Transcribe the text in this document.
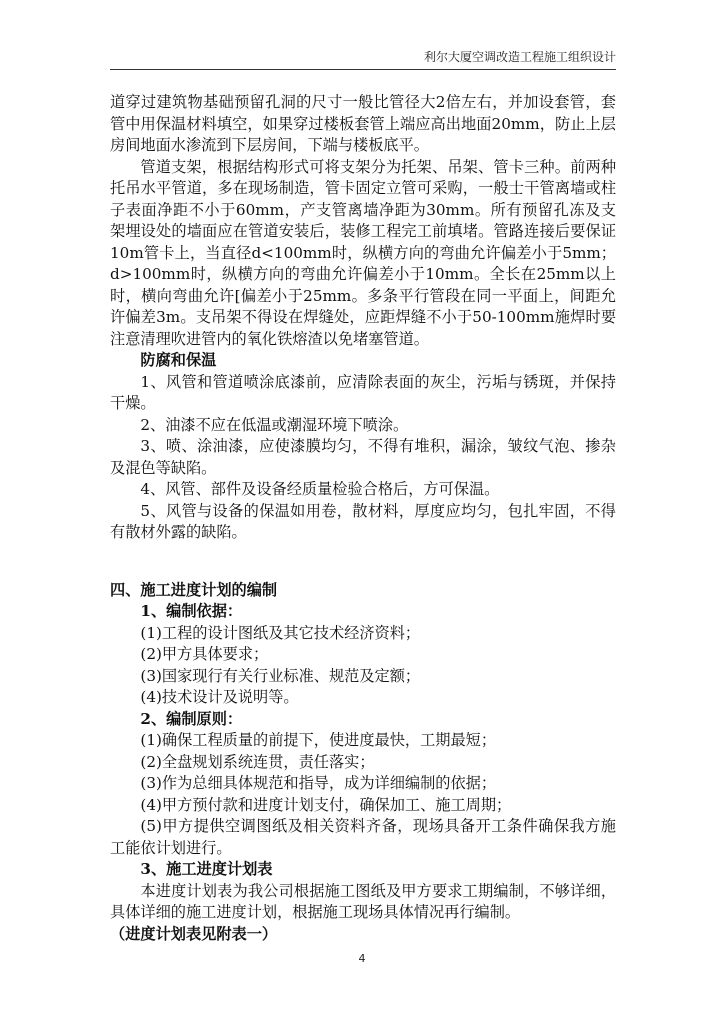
利尔大厦空调改造工程施工组织设计

道穿过建筑物基础预留孔洞的尺寸一般比管径大2倍左右，并加设套管，套管中用保温材料填空，如果穿过楼板套管上端应高出地面20mm，防止上层房间地面水渗流到下层房间，下端与楼板底平。

管道支架，根据结构形式可将支架分为托架、吊架、管卡三种。前两种托吊水平管道，多在现场制造，管卡固定立管可采购，一般士干管离墙或柱子表面净距不小于60mm，产支管离墙净距为30mm。所有预留孔冻及支架埋设处的墙面应在管道安装后，装修工程完工前填堵。管路连接后要保证10m管卡上，当直径d<100mm时，纵横方向的弯曲允许偏差小于5mm；d>100mm时，纵横方向的弯曲允许偏差小于10mm。全长在25mm以上时，横向弯曲允许[偏差小于25mm。多条平行管段在同一平面上，间距允许偏差3m。支吊架不得设在焊缝处，应距焊缝不小于50-100mm施焊时要注意清理吹进管内的氧化铁熔渣以免堵塞管道。

防腐和保温

1、风管和管道喷涂底漆前，应清除表面的灰尘，污垢与锈斑，并保持干燥。

2、油漆不应在低温或潮湿环境下喷涂。

3、喷、涂油漆，应使漆膜均匀，不得有堆积，漏涂，皱纹气泡、掺杂及混色等缺陷。

4、风管、部件及设备经质量检验合格后，方可保温。

5、风管与设备的保温如用卷，散材料，厚度应均匀，包扎牢固，不得有散材外露的缺陷。

四、施工进度计划的编制

1、编制依据：

(1)工程的设计图纸及其它技术经济资料；

(2)甲方具体要求；

(3)国家现行有关行业标准、规范及定额；

(4)技术设计及说明等。

2、编制原则：

(1)确保工程质量的前提下，使进度最快，工期最短；

(2)全盘规划系统连贯，责任落实；

(3)作为总细具体规范和指导，成为详细编制的依据；

(4)甲方预付款和进度计划支付，确保加工、施工周期；

(5)甲方提供空调图纸及相关资料齐备，现场具备开工条件确保我方施工能依计划进行。

3、施工进度计划表

本进度计划表为我公司根据施工图纸及甲方要求工期编制，不够详细，具体详细的施工进度计划，根据施工现场具体情况再行编制。

（进度计划表见附表一）

4
